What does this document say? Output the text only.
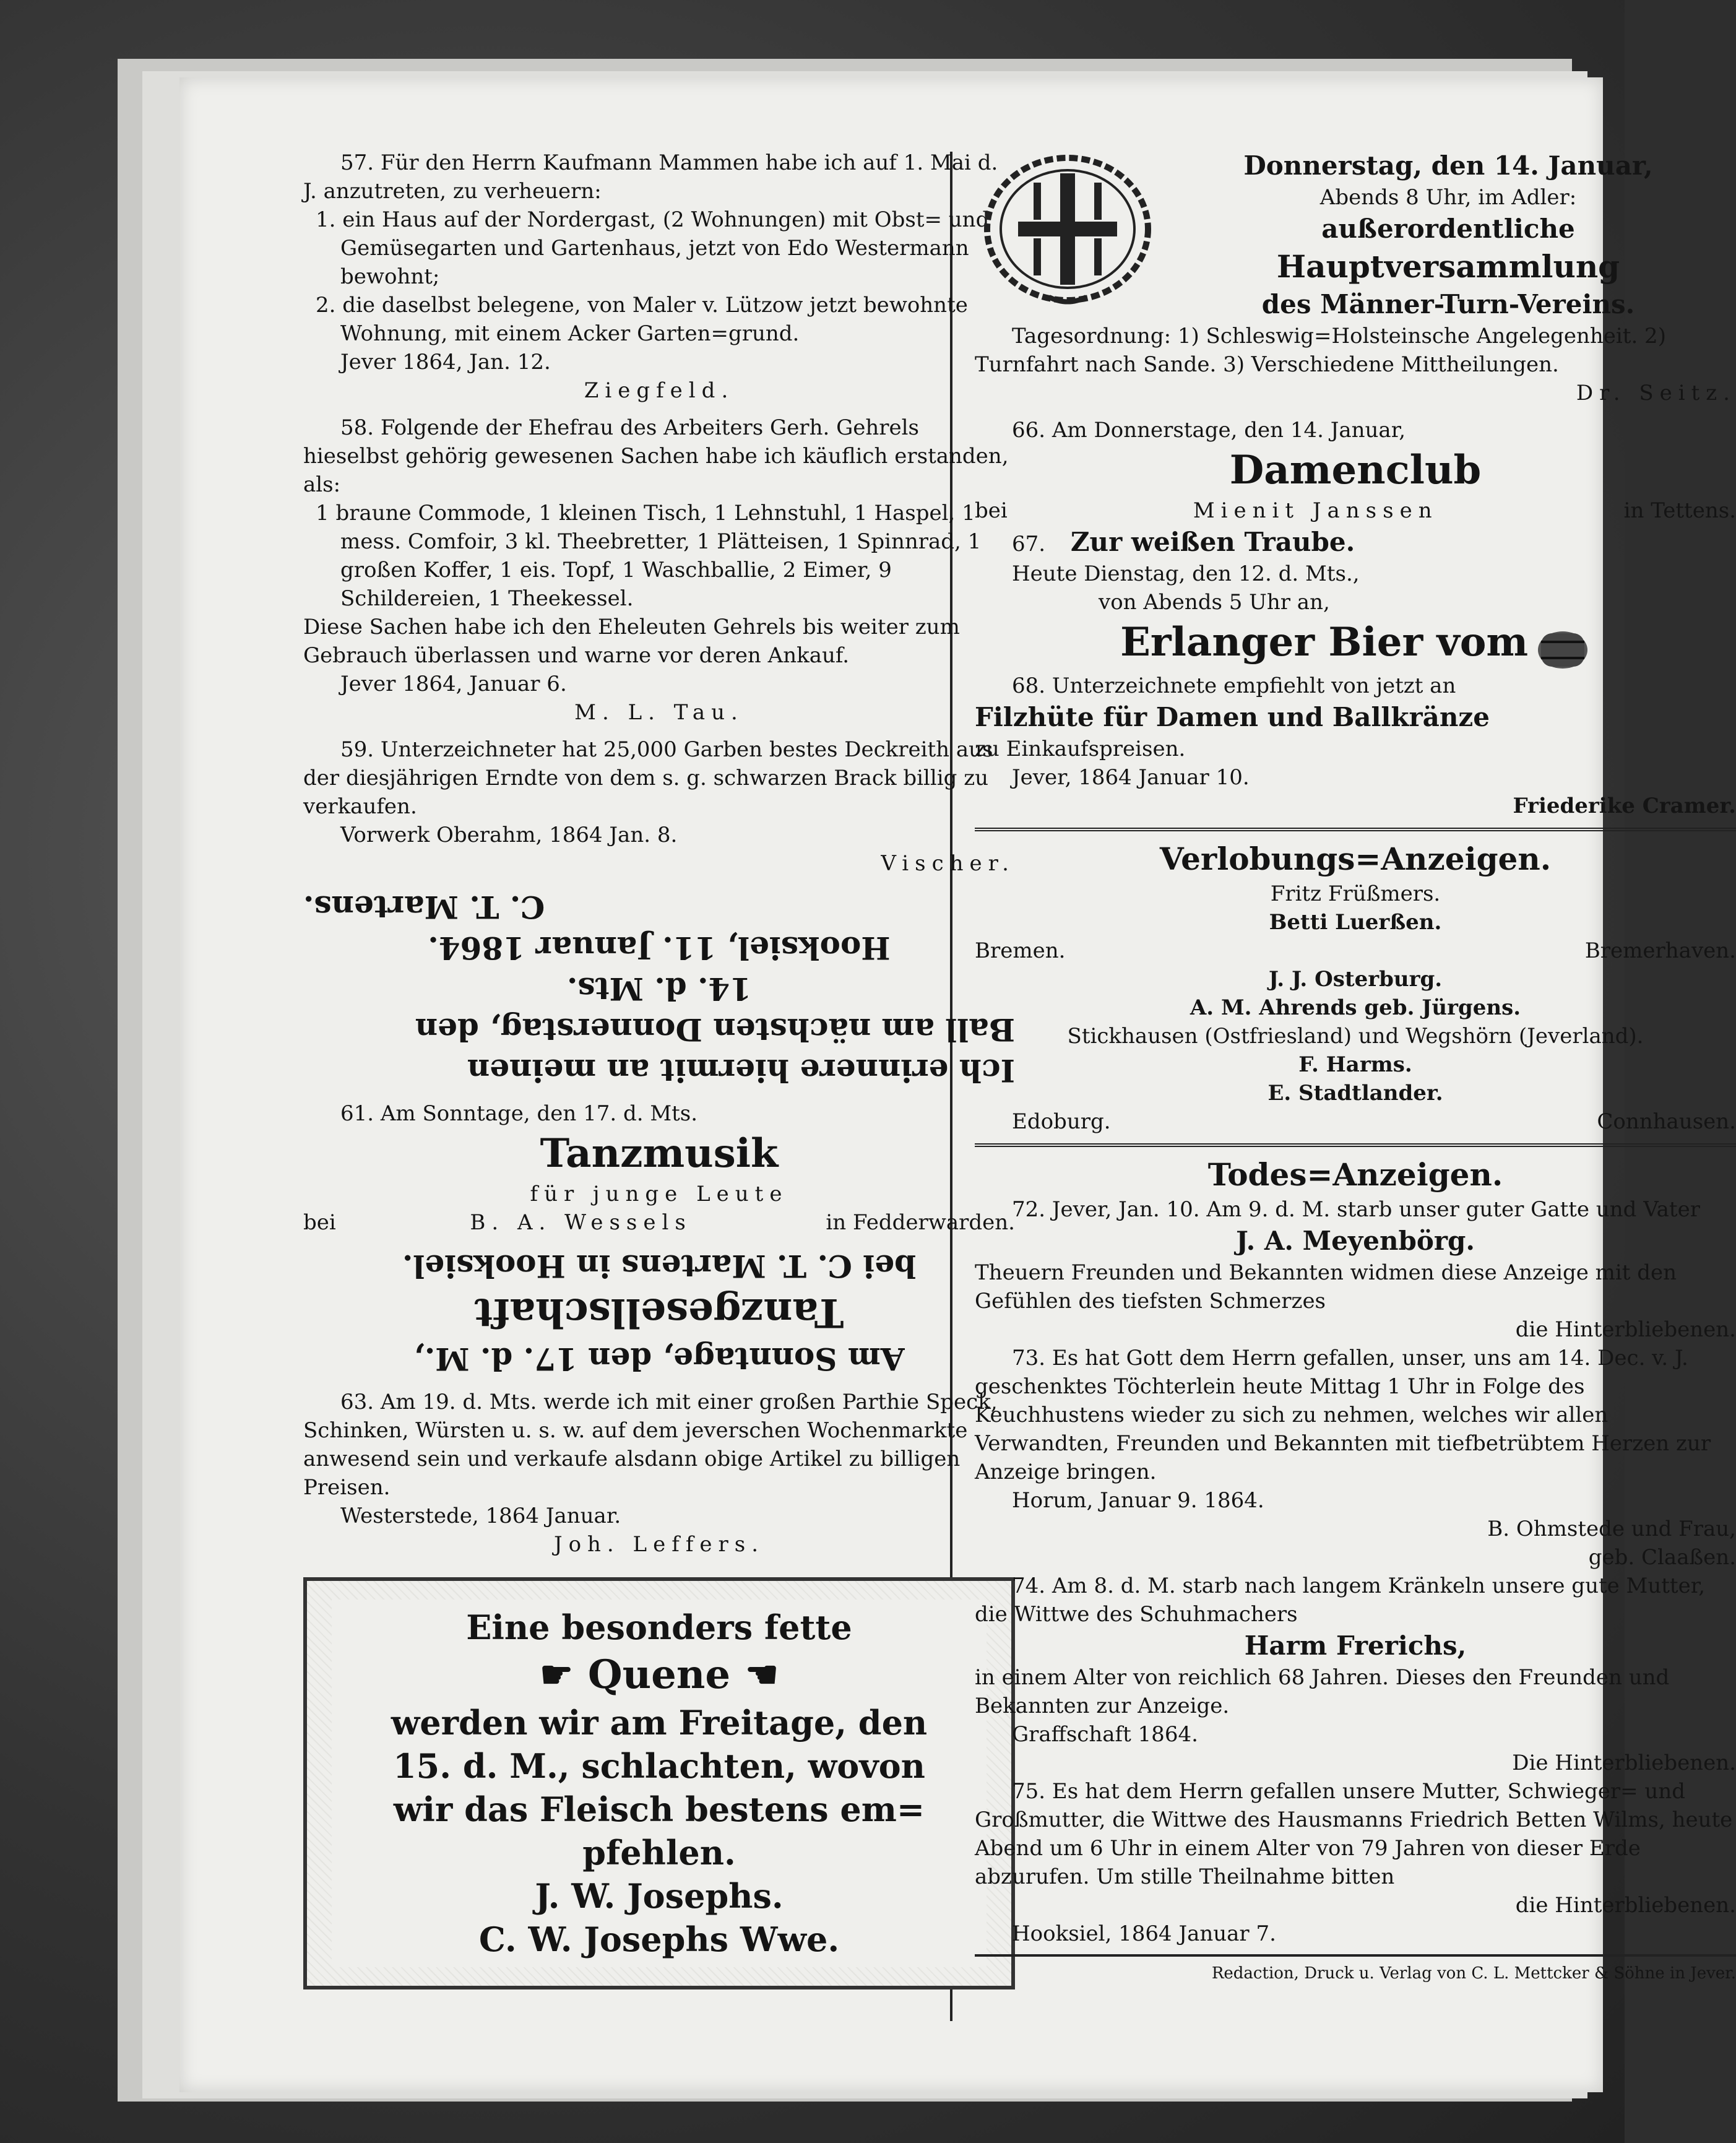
57. Für den Herrn Kaufmann Mammen habe ich auf 1. Mai d. J. anzutreten, zu verheuern:

1. ein Haus auf der Nordergast, (2 Wohnungen) mit Obst= und Gemüsegarten und Gartenhaus, jetzt von Edo Westermann bewohnt;

2. die daselbst belegene, von Maler v. Lützow jetzt bewohnte Wohnung, mit einem Acker Garten=grund.

Jever 1864, Jan. 12.

Ziegfeld.

58. Folgende der Ehefrau des Arbeiters Gerh. Gehrels hieselbst gehörig gewesenen Sachen habe ich käuflich erstanden, als:

1 braune Commode, 1 kleinen Tisch, 1 Lehnstuhl, 1 Haspel, 1 mess. Comfoir, 3 kl. Theebretter, 1 Plätteisen, 1 Spinnrad, 1 großen Koffer, 1 eis. Topf, 1 Waschballie, 2 Eimer, 9 Schildereien, 1 Theekessel.

Diese Sachen habe ich den Eheleuten Gehrels bis weiter zum Gebrauch überlassen und warne vor deren Ankauf.

Jever 1864, Januar 6.

M. L. Tau.

59. Unterzeichneter hat 25,000 Garben bestes Deckreith aus der diesjährigen Erndte von dem s. g. schwarzen Brack billig zu verkaufen.

Vorwerk Oberahm, 1864 Jan. 8.

Vischer.

Ich erinnere hiermit an meinen

Ball am nächsten Donnerstag, den

14. d. Mts.

Hooksiel, 11. Januar 1864.

C. T. Martens.

61. Am Sonntage, den 17. d. Mts.

Tanzmusik

für junge Leute

bei	B. A. Wessels	in Fedderwarden.

Am Sonntage, den 17. d. M.,

Tanzgesellschaft

bei C. T. Martens in Hooksiel.

63. Am 19. d. Mts. werde ich mit einer großen Parthie Speck, Schinken, Würsten u. s. w. auf dem jeverschen Wochenmarkte anwesend sein und verkaufe alsdann obige Artikel zu billigen Preisen.

Westerstede, 1864 Januar.

Joh. Leffers.

Eine besonders fette

☛ Quene ☚

werden wir am Freitage, den

15. d. M., schlachten, wovon

wir das Fleisch bestens em=

pfehlen.

J. W. Josephs.

C. W. Josephs Wwe.

Donnerstag, den 14. Januar,

Abends 8 Uhr, im Adler:

außerordentliche

Hauptversammlung

des Männer-Turn-Vereins.

Tagesordnung: 1) Schleswig=Holsteinsche Angelegenheit. 2) Turnfahrt nach Sande. 3) Verschiedene Mittheilungen.

Dr. Seitz.

66. Am Donnerstage, den 14. Januar,

Damenclub

bei	Mienit Janssen	in Tettens.

67. Zur weißen Traube.

Heute Dienstag, den 12. d. Mts.,

von Abends 5 Uhr an,

Erlanger Bier vom

68. Unterzeichnete empfiehlt von jetzt an

Filzhüte für Damen und Ballkränze

zu Einkaufspreisen.

Jever, 1864 Januar 10.

Friederike Cramer.

Verlobungs=Anzeigen.

Fritz Früßmers.

Betti Luerßen.

Bremen.	Bremerhaven.

J. J. Osterburg.

A. M. Ahrends geb. Jürgens.

Stickhausen (Ostfriesland) und Wegshörn (Jeverland).

F. Harms.

E. Stadtlander.

Edoburg.	Connhausen.

Todes=Anzeigen.

72. Jever, Jan. 10. Am 9. d. M. starb unser guter Gatte und Vater

J. A. Meyenbörg.

Theuern Freunden und Bekannten widmen diese Anzeige mit den Gefühlen des tiefsten Schmerzes

die Hinterbliebenen.

73. Es hat Gott dem Herrn gefallen, unser, uns am 14. Dec. v. J. geschenktes Töchterlein heute Mittag 1 Uhr in Folge des Keuchhustens wieder zu sich zu nehmen, welches wir allen Verwandten, Freunden und Bekannten mit tiefbetrübtem Herzen zur Anzeige bringen.

Horum, Januar 9. 1864.

B. Ohmstede und Frau,

geb. Claaßen.

74. Am 8. d. M. starb nach langem Kränkeln unsere gute Mutter, die Wittwe des Schuhmachers

Harm Frerichs,

in einem Alter von reichlich 68 Jahren. Dieses den Freunden und Bekannten zur Anzeige.

Graffschaft 1864.

Die Hinterbliebenen.

75. Es hat dem Herrn gefallen unsere Mutter, Schwieger= und Großmutter, die Wittwe des Hausmanns Friedrich Betten Wilms, heute Abend um 6 Uhr in einem Alter von 79 Jahren von dieser Erde abzurufen. Um stille Theilnahme bitten

die Hinterbliebenen.

Hooksiel, 1864 Januar 7.

Redaction, Druck u. Verlag von C. L. Mettcker & Söhne in Jever.
